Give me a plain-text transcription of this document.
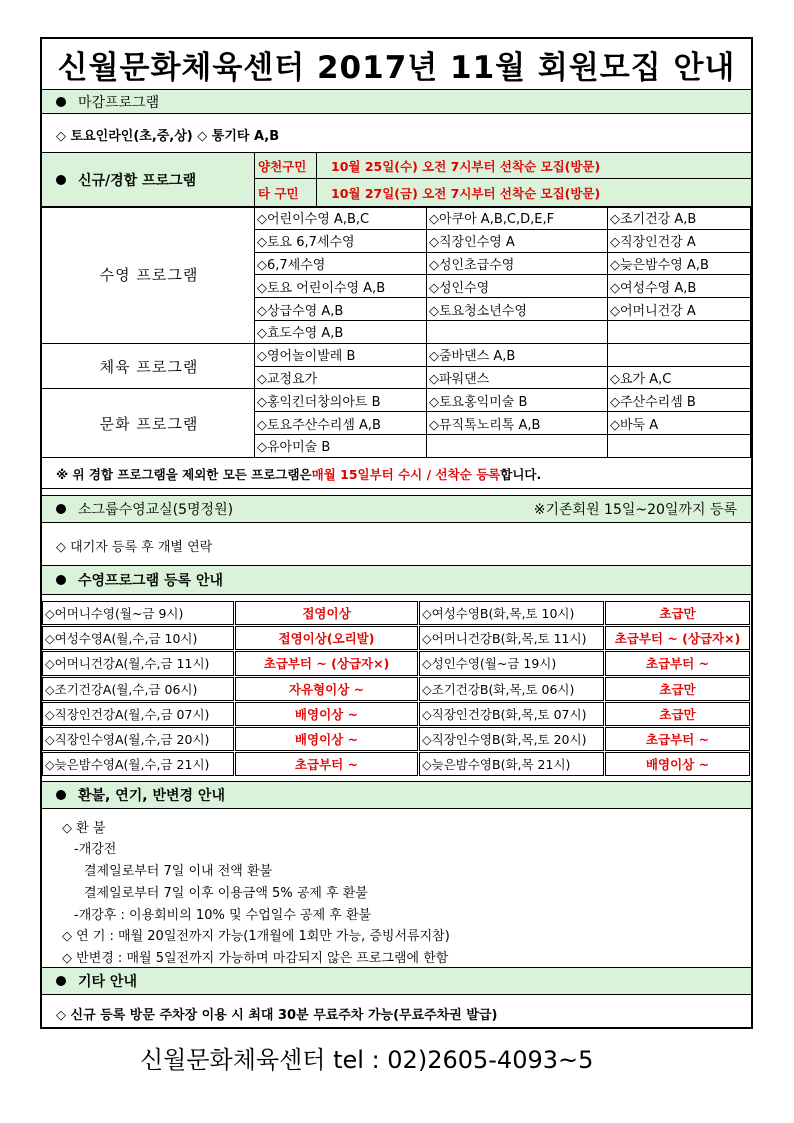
신월문화체육센터 2017년 11월 회원모집 안내
마감프로그램
◇ 토요인라인(초,중,상) ◇ 통기타 A,B
신규/경합 프로그램
양천구민	10월 25일(수) 오전 7시부터 선착순 모집(방문)
타 구민	10월 27일(금) 오전 7시부터 선착순 모집(방문)
수영 프로그램
◇어린이수영 A,B,C	◇아쿠아 A,B,C,D,E,F	◇조기건강 A,B
◇토요 6,7세수영	◇직장인수영 A	◇직장인건강 A
◇6,7세수영	◇성인초급수영	◇늦은밤수영 A,B
◇토요 어린이수영 A,B	◇성인수영	◇여성수영 A,B
◇상급수영 A,B	◇토요청소년수영	◇어머니건강 A
◇효도수영 A,B
체육 프로그램
◇영어놀이발레 B	◇줌바댄스 A,B
◇교정요가	◇파워댄스	◇요가 A,C
문화 프로그램
◇홍익킨더창의아트 B	◇토요홍익미술 B	◇주산수리셈 B
◇토요주산수리셈 A,B	◇뮤직톡노리톡 A,B	◇바둑 A
◇유아미술 B
※ 위 경합 프로그램을 제외한 모든 프로그램은 매월 15일부터 수시 / 선착순 등록 합니다.
소그룹수영교실(5명정원)	※기존회원 15일~20일까지 등록
◇ 대기자 등록 후 개별 연락
수영프로그램 등록 안내
◇어머니수영(월~금 9시)	접영이상	◇여성수영B(화,목,토 10시)	초급만
◇여성수영A(월,수,금 10시)	접영이상(오리발)	◇어머니건강B(화,목,토 11시)	초급부터 ~ (상급자×)
◇어머니건강A(월,수,금 11시)	초급부터 ~ (상급자×)	◇성인수영(월~금 19시)	초급부터 ~
◇조기건강A(월,수,금 06시)	자유형이상 ~	◇조기건강B(화,목,토 06시)	초급만
◇직장인건강A(월,수,금 07시)	배영이상 ~	◇직장인건강B(화,목,토 07시)	초급만
◇직장인수영A(월,수,금 20시)	배영이상 ~	◇직장인수영B(화,목,토 20시)	초급부터 ~
◇늦은밤수영A(월,수,금 21시)	초급부터 ~	◇늦은밤수영B(화,목 21시)	배영이상 ~
환불, 연기, 반변경 안내
◇ 환 불
-개강전
결제일로부터 7일 이내 전액 환불
결제일로부터 7일 이후 이용금액 5% 공제 후 환불
-개강후 : 이용회비의 10% 및 수업일수 공제 후 환불
◇ 연 기 : 매월 20일전까지 가능(1개월에 1회만 가능, 증빙서류지참)
◇ 반변경 : 매월 5일전까지 가능하며 마감되지 않은 프로그램에 한함
기타 안내
◇ 신규 등록 방문 주차장 이용 시 최대 30분 무료주차 가능(무료주차권 발급)
신월문화체육센터 tel : 02)2605-4093~5
